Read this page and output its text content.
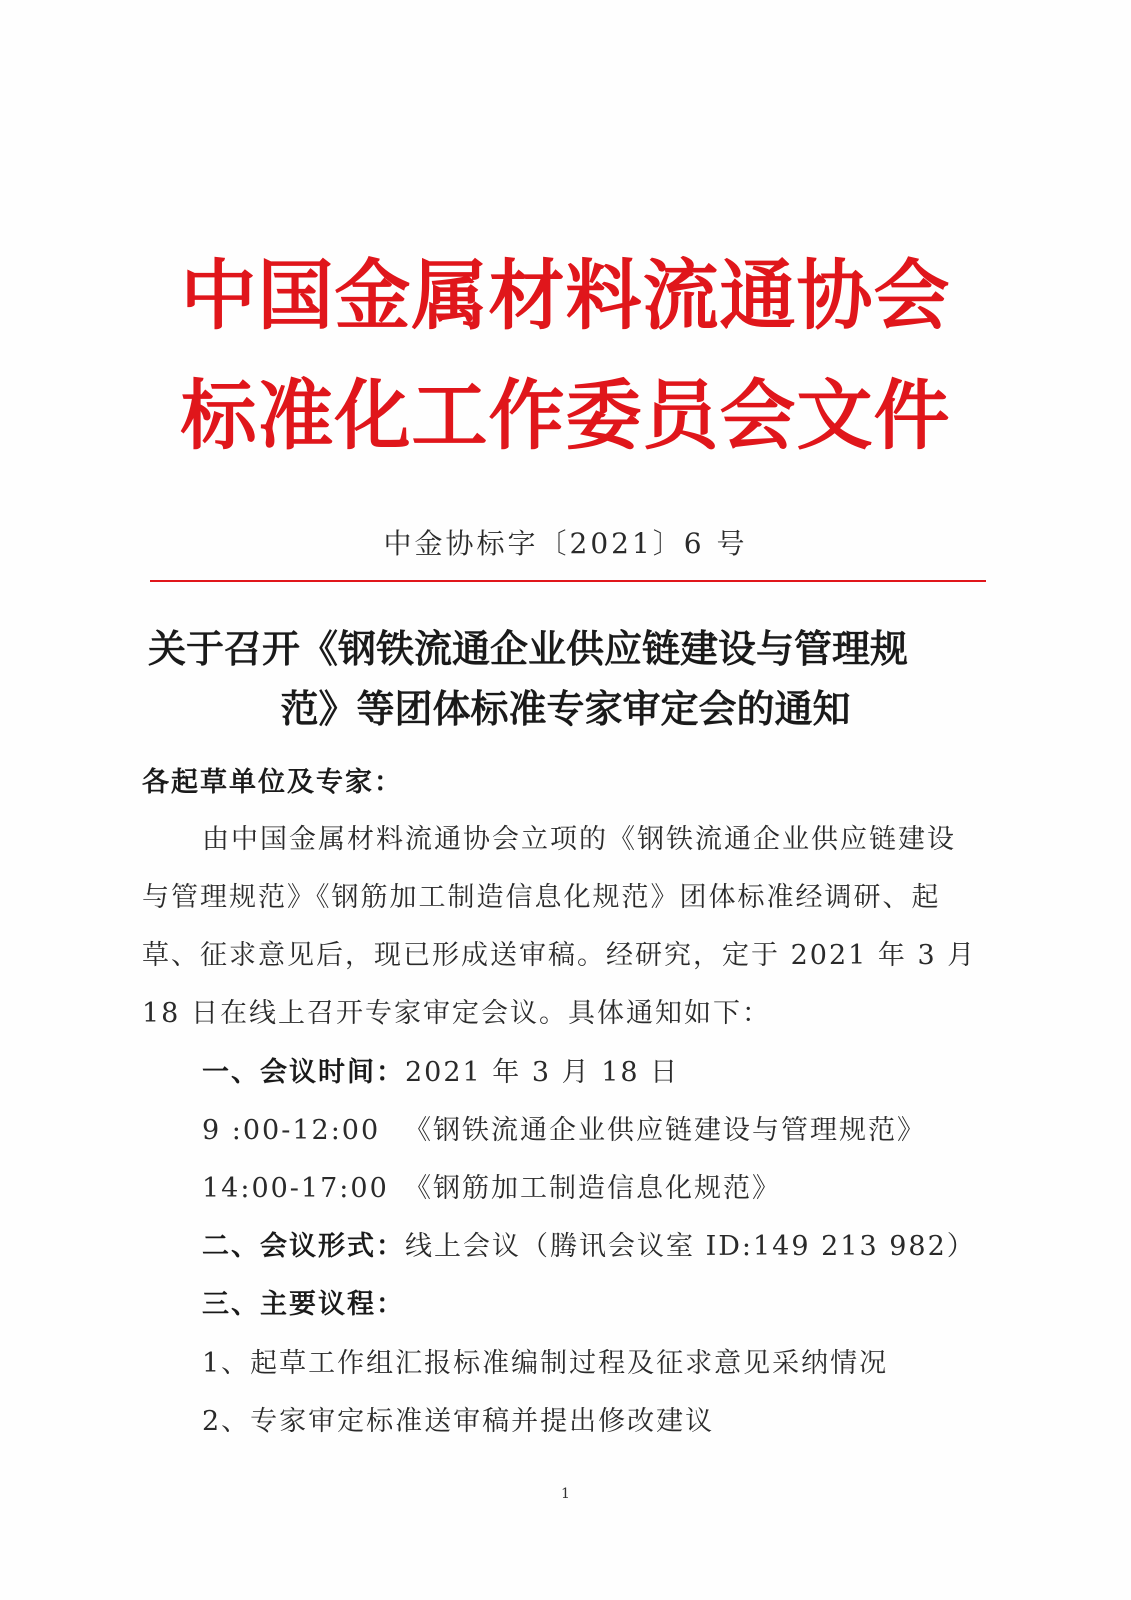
中国金属材料流通协会
标准化工作委员会文件
中金协标字〔2021〕6 号
关于召开《钢铁流通企业供应链建设与管理规
范》等团体标准专家审定会的通知
各起草单位及专家：
由中国金属材料流通协会立项的《钢铁流通企业供应链建设
与管理规范》《钢筋加工制造信息化规范》团体标准经调研、起
草、征求意见后，现已形成送审稿。经研究，定于 2021 年 3 月
18 日在线上召开专家审定会议。具体通知如下：
一、会议时间：2021 年 3 月 18 日
9 :00-12:00 《钢铁流通企业供应链建设与管理规范》
14:00-17:00 《钢筋加工制造信息化规范》
二、会议形式：线上会议（腾讯会议室 ID:149 213 982）
三、主要议程：
1、起草工作组汇报标准编制过程及征求意见采纳情况
2、专家审定标准送审稿并提出修改建议
1
